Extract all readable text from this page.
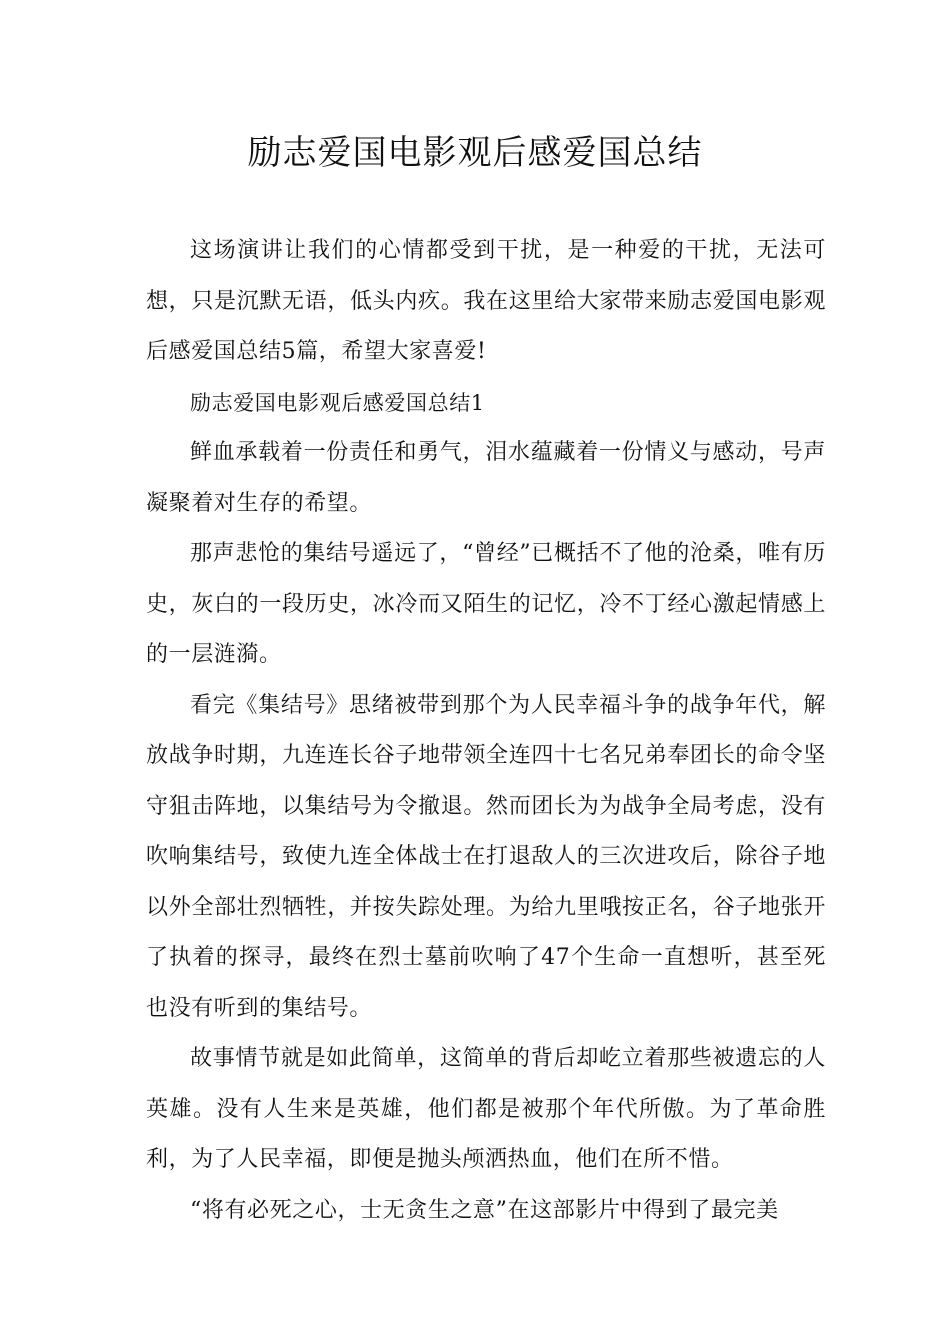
励志爱国电影观后感爱国总结

这场演讲让我们的心情都受到干扰，是一种爱的干扰，无法可想，只是沉默无语，低头内疚。我在这里给大家带来励志爱国电影观后感爱国总结5篇，希望大家喜爱!

励志爱国电影观后感爱国总结1

鲜血承载着一份责任和勇气，泪水蕴藏着一份情义与感动，号声凝聚着对生存的希望。

那声悲怆的集结号遥远了，“曾经”已概括不了他的沧桑，唯有历史，灰白的一段历史，冰冷而又陌生的记忆，冷不丁经心激起情感上的一层涟漪。

看完《集结号》思绪被带到那个为人民幸福斗争的战争年代，解放战争时期，九连连长谷子地带领全连四十七名兄弟奉团长的命令坚守狙击阵地，以集结号为令撤退。然而团长为为战争全局考虑，没有吹响集结号，致使九连全体战士在打退敌人的三次进攻后，除谷子地以外全部壮烈牺牲，并按失踪处理。为给九里哦按正名，谷子地张开了执着的探寻，最终在烈士墓前吹响了47个生命一直想听，甚至死也没有听到的集结号。

故事情节就是如此简单，这简单的背后却屹立着那些被遗忘的人英雄。没有人生来是英雄，他们都是被那个年代所傲。为了革命胜利，为了人民幸福，即便是抛头颅洒热血，他们在所不惜。

“将有必死之心，士无贪生之意”在这部影片中得到了最完美
